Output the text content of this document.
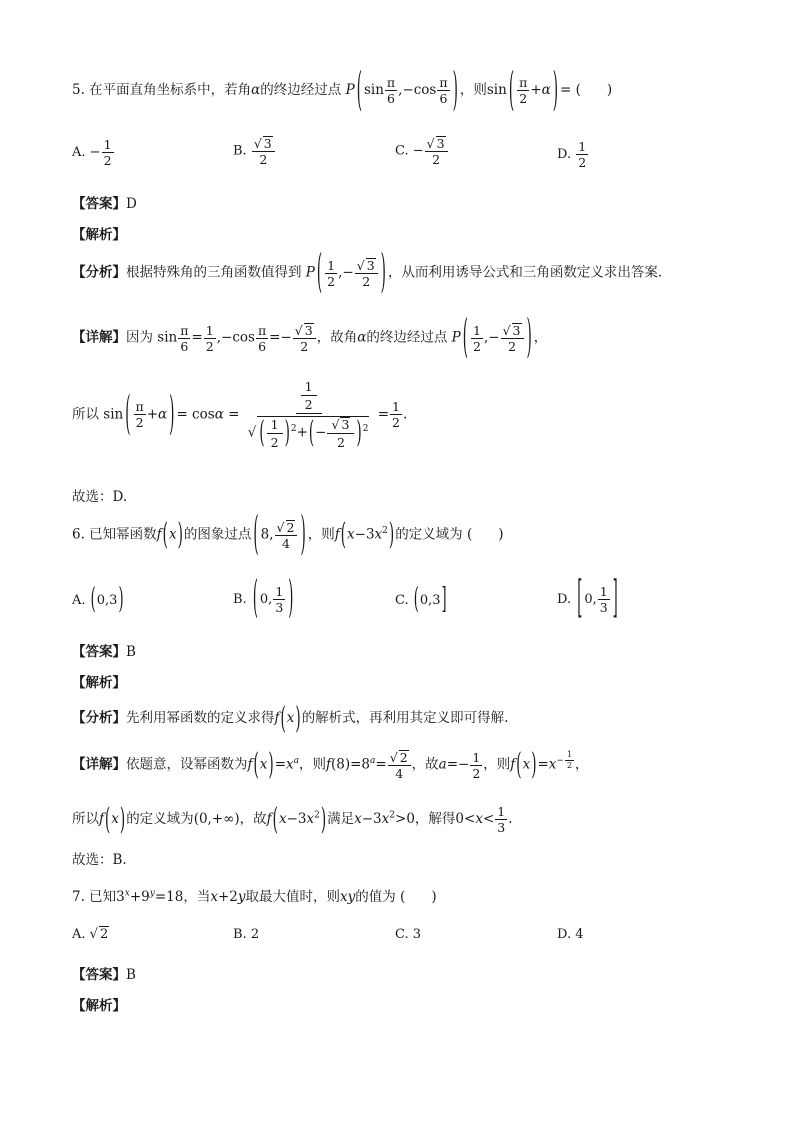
5. 在平面直角坐标系中，若角α的终边经过点 P ( $\sin \frac{\pi}{6} ,-\cos \frac{\pi}{6}$ ) ，则sin ( $\frac{\pi}{2} +\alpha$ ) = ( )
A. − $\frac{1}{2}$	B. $\frac{√ 3}{2}$	C. − $\frac{√ 3}{2}$	D. $\frac{1}{2}$
【答案】D
【解析】
【分析】根据特殊角的三角函数值得到 P ( $\frac{1}{2}$ ,− $\frac{√ 3}{2}$ ) ，从而利用诱导公式和三角函数定义求出答案.
【详解】因为 $\sin \frac{\pi}{6} = \frac{1}{2} ,-\cos \frac{\pi}{6} =- \frac{√ 3}{2}$ ，故角α的终边经过点 P ( $\frac{1}{2}$ ,− $\frac{√ 3}{2}$ ) ，
所以 sin ( $\frac{\pi}{2} +\alpha$ ) = $\cos\alpha = \frac{\frac{1}{2}}{√ ( \frac{1}{2} )^2+(- \frac{√ 3}{2} )^2} = \frac{1}{2}$ .
故选：D.
6. 已知幂函数f(x)的图象过点 ( 8, $\frac{√ 2}{4}$ ) ，则$f(x-3x^2)$的定义域为 ( )
A. (0,3)	B. ( 0, $\frac{1}{3}$ )	C. (0,3]	D. [ 0, $\frac{1}{3}$ ]
【答案】B
【解析】
【分析】先利用幂函数的定义求得f(x)的解析式，再利用其定义即可得解.
【详解】依题意，设幂函数为$f(x)=x^a$，则$f(8)=8^a= \frac{√ 2}{4}$ ，故$a=- \frac{1}{2}$ ，则$f(x)=x^{- \frac{1}{2}}$ ，
所以f(x)的定义域为(0,+∞)，故$f(x-3x^2)$满足$x-3x^2>0$，解得$0<x< \frac{1}{3}$ .
故选：B.
7. 已知$3^x+9^y=18$，当x+2y取最大值时，则xy的值为 ( )
A. √ 2	B. 2	C. 3	D. 4
【答案】B
【解析】
